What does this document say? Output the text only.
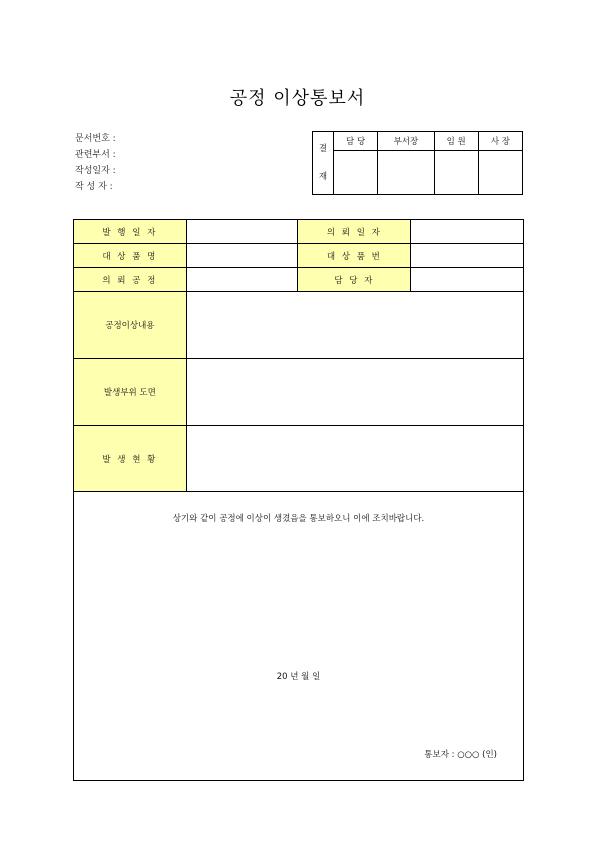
공정 이상통보서
문서번호 :
관련부서 :
작성일자 :
작 성 자 :
결
재	담 당	부서장	임 원	사 장

발 행 일 자		의 뢰 일 자	
대 상 품 명		대 상 품 번	
의 뢰 공 정		담 당 자	
공정이상내용			
발생부위 도면			
발 생 현 황			

상기와 같이 공정에 이상이 생겼음을 통보하오니 이에 조치바랍니다.
20 년 월 일
통보자 : ○○○ (인)			
